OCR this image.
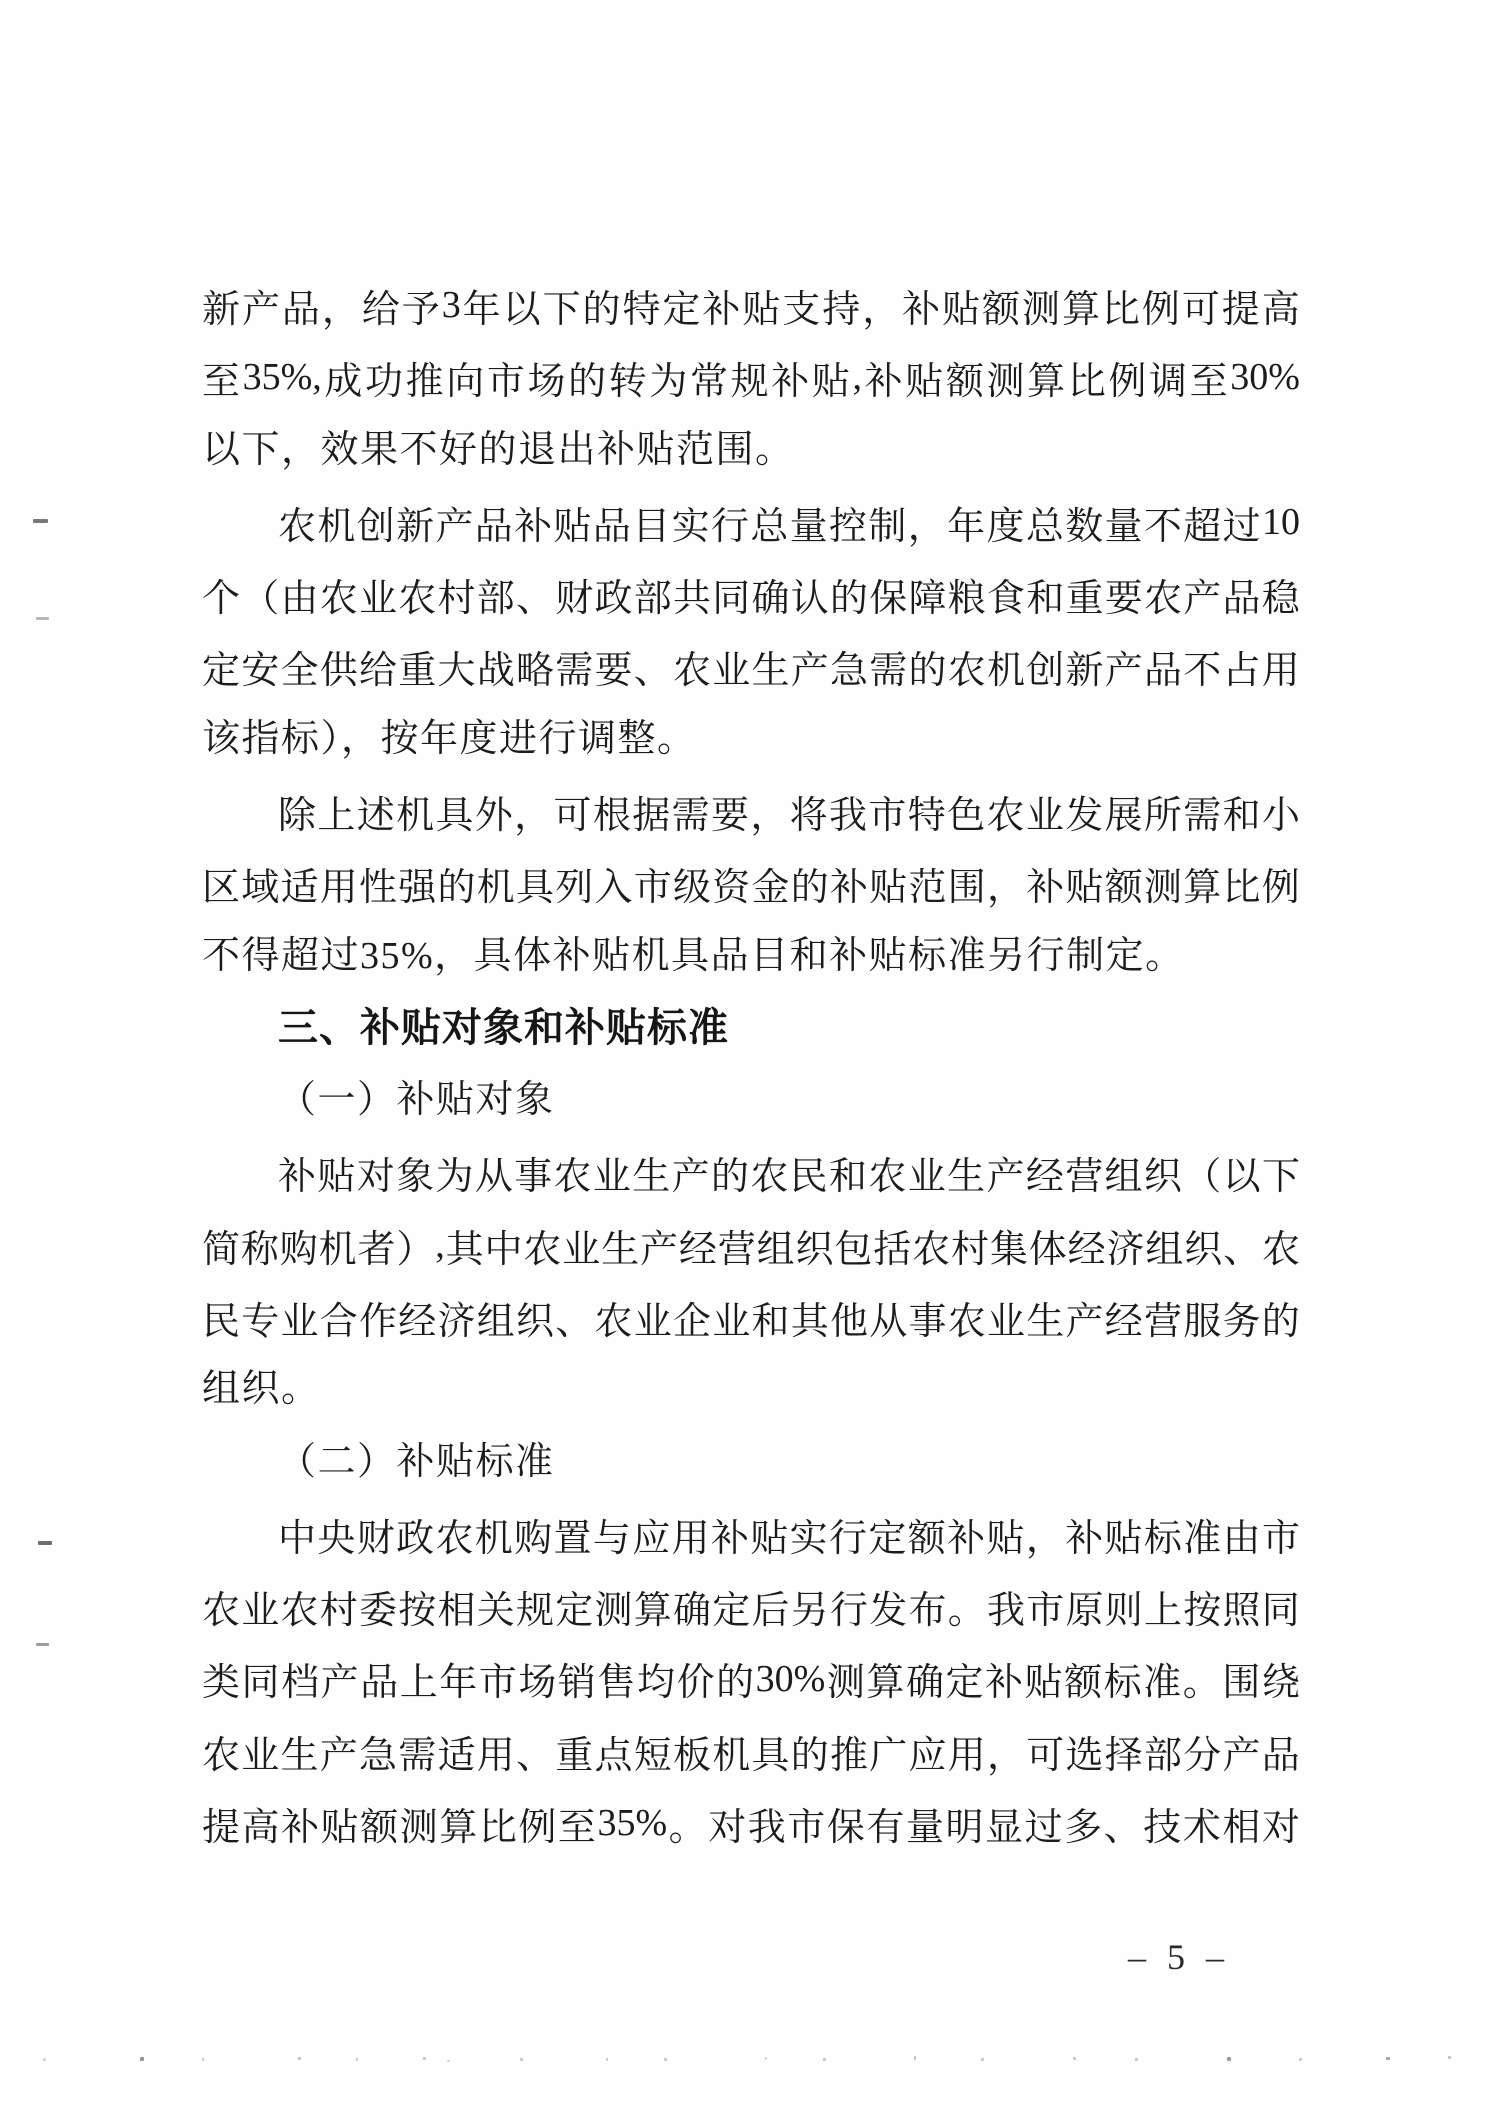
新 产 品 ， 给 予 3 年 以 下 的 特 定 补 贴 支 持 ， 补 贴 额 测 算 比 例 可 提 高
至 35%, 成 功 推 向 市 场 的 转 为 常 规 补 贴 , 补 贴 额 测 算 比 例 调 至 30%
以下，效果不好的退出补贴范围。
农 机 创 新 产 品 补 贴 品 目 实 行 总 量 控 制 ， 年 度 总 数 量 不 超 过 10
个 （ 由 农 业 农 村 部 、 财 政 部 共 同 确 认 的 保 障 粮 食 和 重 要 农 产 品 稳
定 安 全 供 给 重 大 战 略 需 要 、 农 业 生 产 急 需 的 农 机 创 新 产 品 不 占 用
该指标），按年度进行调整。
除 上 述 机 具 外 ， 可 根 据 需 要 ， 将 我 市 特 色 农 业 发 展 所 需 和 小
区 域 适 用 性 强 的 机 具 列 入 市 级 资 金 的 补 贴 范 围 ， 补 贴 额 测 算 比 例
不得超过35%，具体补贴机具品目和补贴标准另行制定。
三、补贴对象和补贴标准
（一）补贴对象
补 贴 对 象 为 从 事 农 业 生 产 的 农 民 和 农 业 生 产 经 营 组 织 （ 以 下
简 称 购 机 者 ） , 其 中 农 业 生 产 经 营 组 织 包 括 农 村 集 体 经 济 组 织 、 农
民 专 业 合 作 经 济 组 织 、 农 业 企 业 和 其 他 从 事 农 业 生 产 经 营 服 务 的
组织。
（二）补贴标准
中 央 财 政 农 机 购 置 与 应 用 补 贴 实 行 定 额 补 贴 ， 补 贴 标 准 由 市
农 业 农 村 委 按 相 关 规 定 测 算 确 定 后 另 行 发 布 。 我 市 原 则 上 按 照 同
类 同 档 产 品 上 年 市 场 销 售 均 价 的 30% 测 算 确 定 补 贴 额 标 准 。 围 绕
农 业 生 产 急 需 适 用 、 重 点 短 板 机 具 的 推 广 应 用 ， 可 选 择 部 分 产 品
提 高 补 贴 额 测 算 比 例 至 35% 。 对 我 市 保 有 量 明 显 过 多 、 技 术 相 对
– 5 –
